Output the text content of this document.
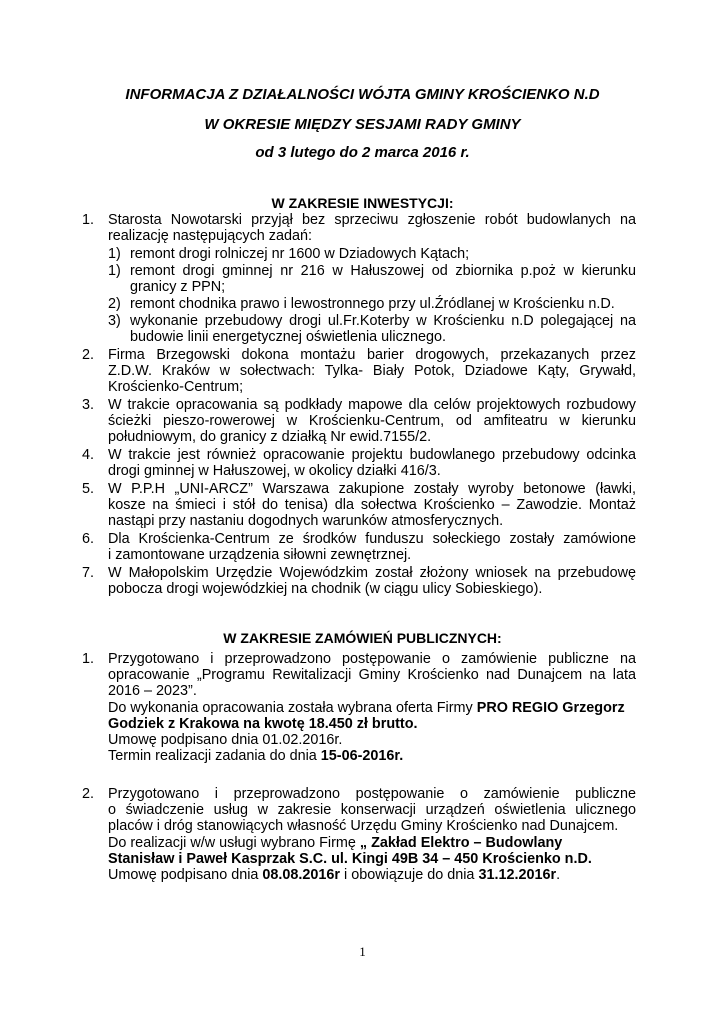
INFORMACJA Z DZIAŁALNOŚCI WÓJTA GMINY KROŚCIENKO N.D
W OKRESIE MIĘDZY SESJAMI RADY GMINY
od 3 lutego do 2 marca 2016 r.
W ZAKRESIE INWESTYCJI:
1. Starosta Nowotarski przyjął bez sprzeciwu zgłoszenie robót budowlanych na
realizację następujących zadań:
1) remont drogi rolniczej nr 1600 w Dziadowych Kątach;
1) remont drogi gminnej nr 216 w Hałuszowej od zbiornika p.poż w kierunku
granicy z PPN;
2) remont chodnika prawo i lewostronnego przy ul.Źródlanej w Krościenku n.D.
3) wykonanie przebudowy drogi ul.Fr.Koterby w Krościenku n.D polegającej na
budowie linii energetycznej oświetlenia ulicznego.
2. Firma Brzegowski dokona montażu barier drogowych, przekazanych przez
Z.D.W. Kraków w sołectwach: Tylka- Biały Potok, Dziadowe Kąty, Grywałd,
Krościenko-Centrum;
3. W trakcie opracowania są podkłady mapowe dla celów projektowych rozbudowy
ścieżki pieszo-rowerowej w Krościenku-Centrum, od amfiteatru w kierunku
południowym, do granicy z działką Nr ewid.7155/2.
4. W trakcie jest również opracowanie projektu budowlanego przebudowy odcinka
drogi gminnej w Hałuszowej, w okolicy działki 416/3.
5. W P.P.H „UNI-ARCZ” Warszawa zakupione zostały wyroby betonowe (ławki,
kosze na śmieci i stół do tenisa) dla sołectwa Krościenko – Zawodzie. Montaż
nastąpi przy nastaniu dogodnych warunków atmosferycznych.
6. Dla Krościenka-Centrum ze środków funduszu sołeckiego zostały zamówione
i zamontowane urządzenia siłowni zewnętrznej.
7. W Małopolskim Urzędzie Wojewódzkim został złożony wniosek na przebudowę
pobocza drogi wojewódzkiej na chodnik (w ciągu ulicy Sobieskiego).
W ZAKRESIE ZAMÓWIEŃ PUBLICZNYCH:
1. Przygotowano i przeprowadzono postępowanie o zamówienie publiczne na
opracowanie „Programu Rewitalizacji Gminy Krościenko nad Dunajcem na lata
2016 – 2023”.
Do wykonania opracowania została wybrana oferta Firmy PRO REGIO Grzegorz
Godziek z Krakowa na kwotę 18.450 zł brutto.
Umowę podpisano dnia 01.02.2016r.
Termin realizacji zadania do dnia 15-06-2016r.
2. Przygotowano i przeprowadzono postępowanie o zamówienie publiczne
o świadczenie usług w zakresie konserwacji urządzeń oświetlenia ulicznego
placów i dróg stanowiących własność Urzędu Gminy Krościenko nad Dunajcem.
Do realizacji w/w usługi wybrano Firmę „ Zakład Elektro – Budowlany
Stanisław i Paweł Kasprzak S.C. ul. Kingi 49B 34 – 450 Krościenko n.D.
Umowę podpisano dnia 08.08.2016r i obowiązuje do dnia 31.12.2016r.
1
